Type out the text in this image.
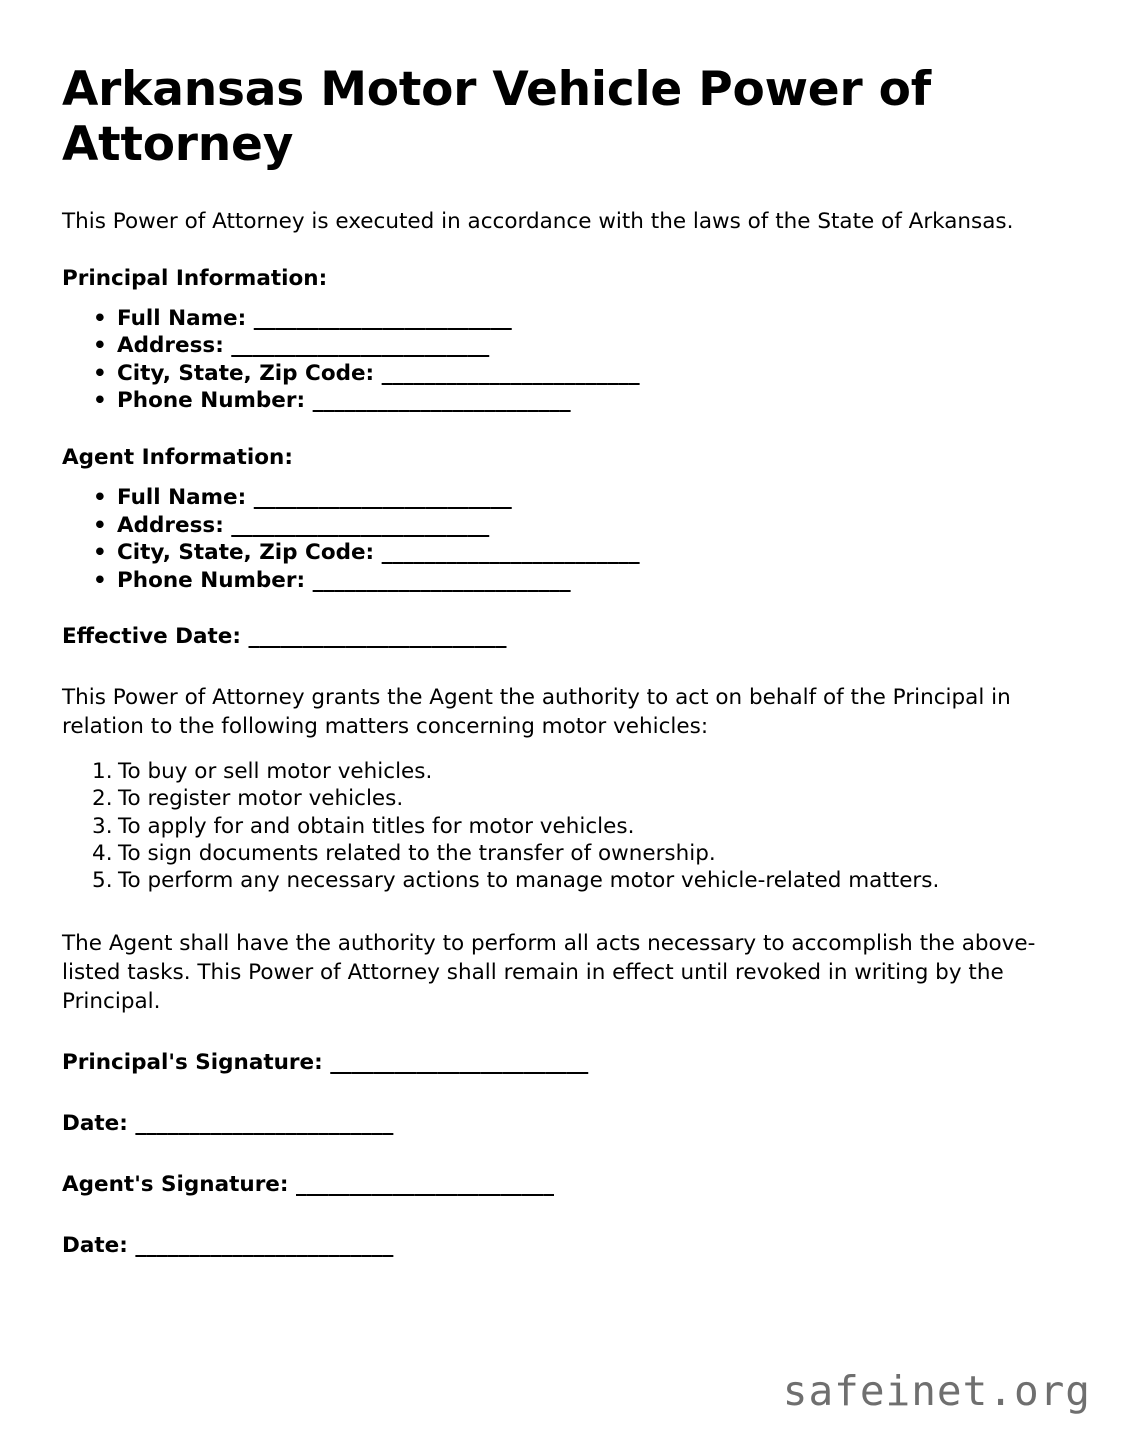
Arkansas Motor Vehicle Power of Attorney

This Power of Attorney is executed in accordance with the laws of the State of Arkansas.

Principal Information:
• Full Name: ________________________
• Address: ________________________
• City, State, Zip Code: ________________________
• Phone Number: ________________________
Agent Information:
• Full Name: ________________________
• Address: ________________________
• City, State, Zip Code: ________________________
• Phone Number: ________________________
Effective Date: ________________________

This Power of Attorney grants the Agent the authority to act on behalf of the Principal in relation to the following matters concerning motor vehicles:

To buy or sell motor vehicles.
To register motor vehicles.
To apply for and obtain titles for motor vehicles.
To sign documents related to the transfer of ownership.
To perform any necessary actions to manage motor vehicle-related matters.

The Agent shall have the authority to perform all acts necessary to accomplish the above-listed tasks. This Power of Attorney shall remain in effect until revoked in writing by the Principal.

Principal's Signature: ________________________
Date: ________________________
Agent's Signature: ________________________
Date: ________________________
safeinet.org
